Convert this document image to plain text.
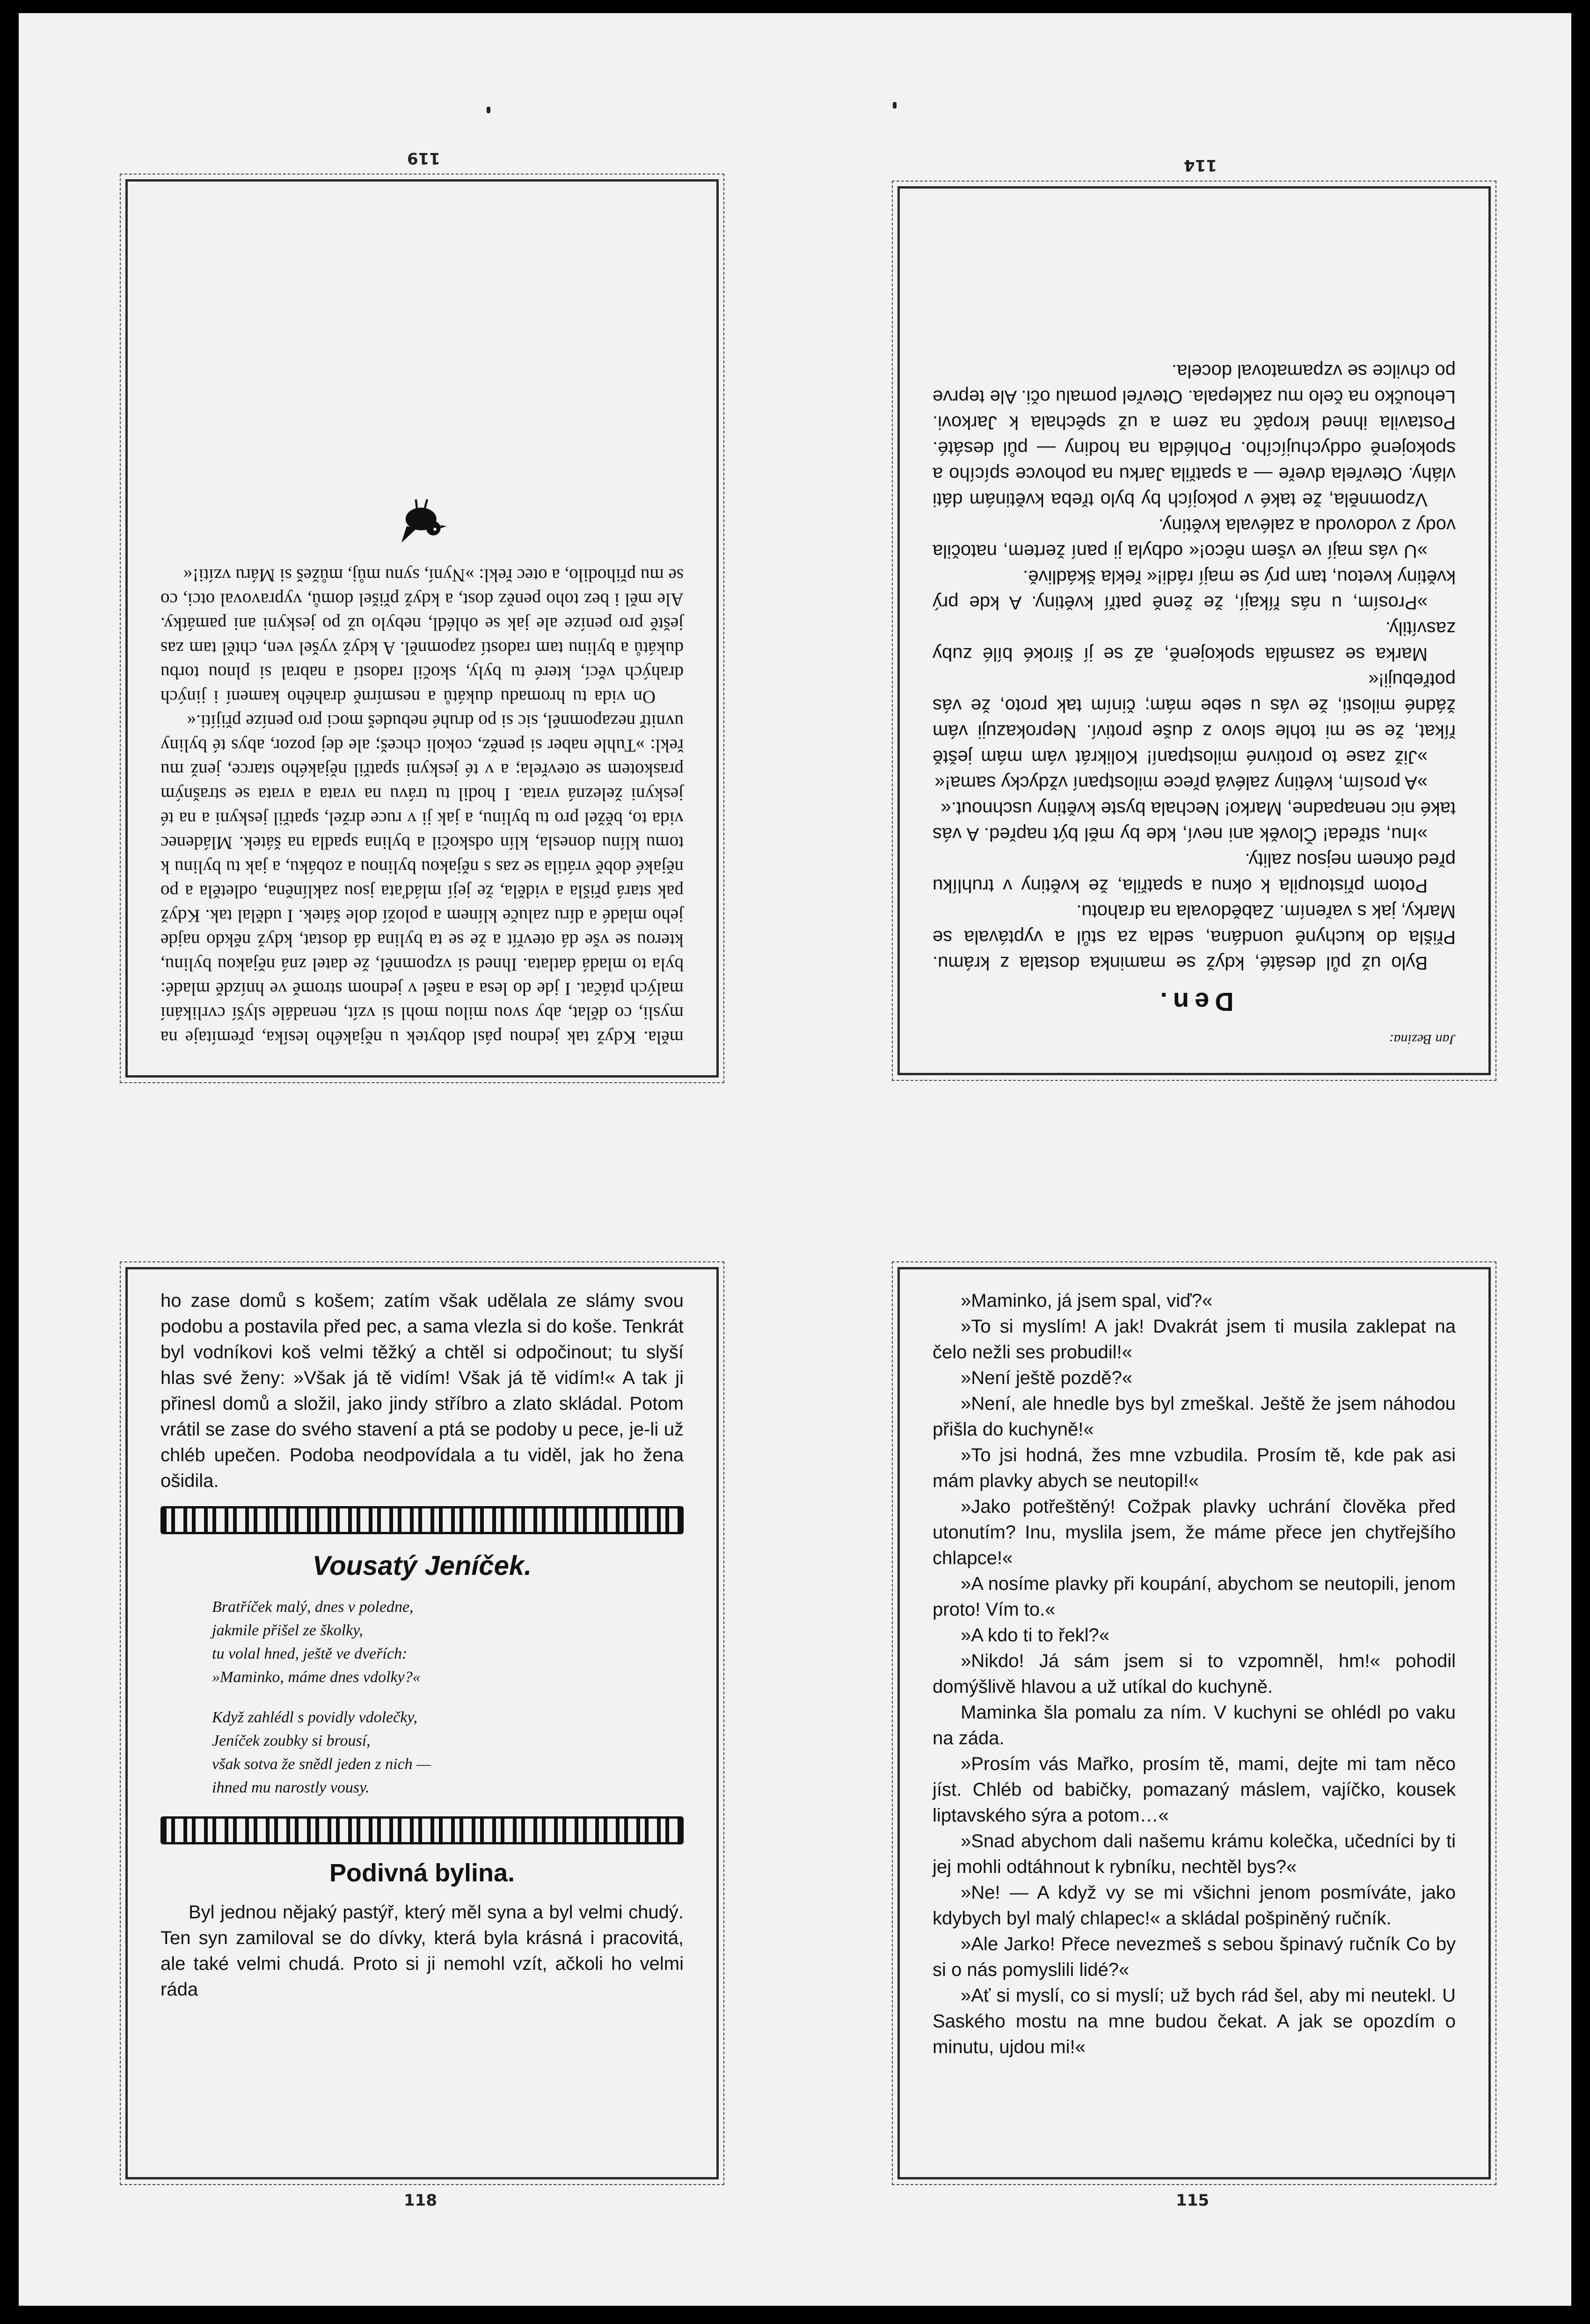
Jan Bezina:

Den.

Bylo už půl desáté, když se maminka dostala z krámu. Přišla do kuchyně uondána, sedla za stůl a vyptávala se Marky, jak s vařením. Zabědovala na drahotu.

Potom přistoupila k oknu a spatřila, že květiny v truhlíku před oknem nejsou zality.

»Inu, středa! Člověk ani neví, kde by měl být napřed. A vás také nic nenapadne, Marko! Nechala byste květiny uschnout.«

»A prosím, květiny zalévá přece milostpaní vždycky sama!«

»Již zase to protivné milostpaní! Kolikrát vám mám ještě říkat, že se mi tohle slovo z duše protiví. Neprokazuji vám žádné milosti, že vás u sebe mám; činím tak proto, že vás potřebuji!«

Marka se zasmála spokojeně, až se jí široké bílé zuby zasvítily.

»Prosím, u nás říkají, že ženě patří květiny. A kde prý květiny kvetou, tam prý se mají rádi!« řekla škádlivě.

»U vás mají ve všem něco!« odbyla ji paní žertem, natočila vody z vodovodu a zalévala květiny.

Vzpomněla, že také v pokojích by bylo třeba květinám dáti vláhy. Otevřela dveře — a spatřila Jarku na pohovce spícího a spokojeně oddychujícího. Pohlédla na hodiny — půl desáté. Postavila ihned kropáč na zem a už spěchala k Jarkovi. Lehoučko na čelo mu zaklepala. Otevřel pomalu oči. Ale teprve po chvilce se vzpamatoval docela.

114

měla. Když tak jednou pásl dobytek u nějakého lesíka, přemítaje na mysli, co dělat, aby svou milou mohl si vzít, nenadále slyší cvrlikání malých ptáčat. I jde do lesa a našel v jednom stromě ve hnízdě mladé: byla to mladá datlata. Ihned si vzpomněl, že datel zná nějakou bylinu, kterou se vše dá otevřít a že se ta bylina dá dostat, když někdo najde jeho mladé a díru zaluče klínem a položí dole šátek. I udělal tak. Když pak stará přišla a viděla, že její mláďata jsou zaklíněna, odletěla a po nějaké době vrátila se zas s nějakou bylinou a zobáku, a jak tu bylinu k tomu klínu donesla, klín odskočil a bylina spadla na šátek. Mládenec vida to, běžel pro tu bylinu, a jak ji v ruce držel, spatřil jeskyni a na té jeskyni železná vrata. I hodil tu trávu na vrata a vrata se strašným praskotem se otevřela; a v té jeskyni spatřil nějakého starce, jenž mu řekl: »Tuhle naber si peněz, cokoli chceš; ale dej pozor, abys té byliny uvnitř nezapomněl, sic si po druhé nebudeš moci pro peníze přijíti.«

On vida tu hromadu dukátů a nesmírně drahého kamení i jiných drahých věcí, které tu byly, skočil radostí a nabral si plnou torbu dukátů a bylinu tam radostí zapomněl. A když vyšel ven, chtěl tam zas ještě pro peníze ale jak se ohlédl, nebylo už po jeskyni ani památky. Ale měl i bez toho peněz dost, a když přišel domů, vypravoval otci, co se mu přihodilo, a otec řekl: »Nyní, synu můj, můžeš si Máru vzíti!«

119

ho zase domů s košem; zatím však udělala ze slámy svou podobu a postavila před pec, a sama vlezla si do koše. Tenkrát byl vodníkovi koš velmi těžký a chtěl si odpočinout; tu slyší hlas své ženy: »Však já tě vidím! Však já tě vidím!« A tak ji přinesl domů a složil, jako jindy stříbro a zlato skládal. Potom vrátil se zase do svého stavení a ptá se podoby u pece, je-li už chléb upečen. Podoba neodpovídala a tu viděl, jak ho žena ošidila.

Vousatý Jeníček.
Bratříček malý, dnes v poledne,
jakmile přišel ze školky,
tu volal hned, ještě ve dveřích:
»Maminko, máme dnes vdolky?«
Když zahlédl s povidly vdolečky,
Jeníček zoubky si brousí,
však sotva že snědl jeden z nich —
ihned mu narostly vousy.
Podivná bylina.

Byl jednou nějaký pastýř, který měl syna a byl velmi chudý. Ten syn zamiloval se do dívky, která byla krásná i pracovitá, ale také velmi chudá. Proto si ji nemohl vzít, ačkoli ho velmi ráda

118

»Maminko, já jsem spal, viď?«

»To si myslím! A jak! Dvakrát jsem ti musila zaklepat na čelo nežli ses probudil!«

»Není ještě pozdě?«

»Není, ale hnedle bys byl zmeškal. Ještě že jsem náhodou přišla do kuchyně!«

»To jsi hodná, žes mne vzbudila. Prosím tě, kde pak asi mám plavky abych se neutopil!«

»Jako potřeštěný! Cožpak plavky uchrání člověka před utonutím? Inu, myslila jsem, že máme přece jen chytřejšího chlapce!«

»A nosíme plavky při koupání, abychom se neutopili, jenom proto! Vím to.«

»A kdo ti to řekl?«

»Nikdo! Já sám jsem si to vzpomněl, hm!« pohodil domýšlivě hlavou a už utíkal do kuchyně.

Maminka šla pomalu za ním. V kuchyni se ohlédl po vaku na záda.

»Prosím vás Mařko, prosím tě, mami, dejte mi tam něco jíst. Chléb od babičky, pomazaný máslem, vajíčko, kousek liptavského sýra a potom…«

»Snad abychom dali našemu krámu kolečka, učedníci by ti jej mohli odtáhnout k rybníku, nechtěl bys?«

»Ne! — A když vy se mi všichni jenom posmíváte, jako kdybych byl malý chlapec!« a skládal pošpiněný ručník.

»Ale Jarko! Přece nevezmeš s sebou špinavý ručník Co by si o nás pomyslili lidé?«

»Ať si myslí, co si myslí; už bych rád šel, aby mi neutekl. U Saského mostu na mne budou čekat. A jak se opozdím o minutu, ujdou mi!«

115
